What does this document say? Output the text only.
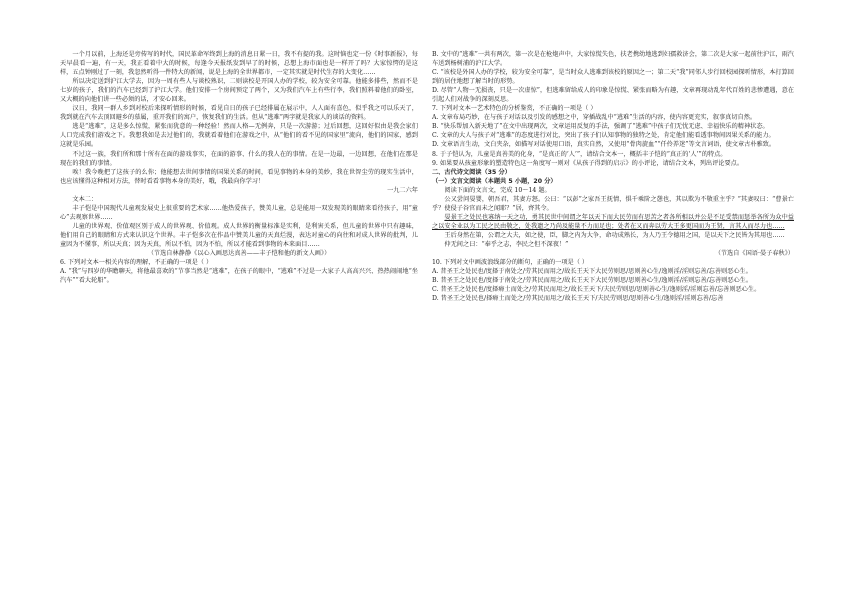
一个月以前，上海还是旁传写的时代，国民革命军终到上海的消息日紧一日，我不有提的我。这时恼也定一份《时事新报》，每天早晨看一遍，有一天，我正看着中大的时候，每逢今天报纸发到早了的时候，总想上海市面也是一样开了吗？大家惊愕的是这样，五点钟刚过了一刻，我忽然听得一件特大的新闻，说是上海的全世界都市，一定其实就是时代生存的大变化……

所以决定送到沪江大学去，因为一周有些人与谈校熟识，二则读校是开国人办的学校，较为安全可靠。他能多排些，然而不是七岁的孩子，我们的汽车已经到了沪江大学。他们安排一个房间预定了两个，又为我们汽车上有些行李，我们照料着他们的卧室，又大概的向他们讲一些必须的话，才安心回来。

汉日，我同一群人乡到对校后来探听情形的时候，看见自日的孩子已经排属在展示中，人人面有喜色，似乎我之可以乐天了，我到就在汽车去顶回避乡的慕属，重开我们的寓户，恢复我们的生活。但从“逃难”两字就是我家人的谈话的资料。

逃是“逃难”，这是多么惊慌，紧张而犹意的一种经验！然而人格—无例奔，只是一次游游；过后回想，这回好似由是我会家们人口完成我们游戏之下。我想我如是去过他们的，我就看着他们在游戏之中，从“他们的看不见的国家里”流向，他们的国家，感到这就是乐园。

不过这一族，我们所和那十所有在面的游戏事实，在面的游事、什么的我人在的事情。在是一边最，一边回想，在他们在那是现在的我们的事情。

唉！我今晚把了这孩子的么你；他能想去世间事情的国果关系的时间，看见事物的本身的美妙，我在世智尘劳的现实生活中，也应该懂得这种相对方法，替时看看事物本身的美好，哦，我最向你学习！

一九二六年

文本二：

丰子恺是中国现代儿童观发展史上很重要的艺术家……他热爱孩子，赞美儿童，总是能用一双发现美的眼睛来看待孩子，用“童心”去观察世界……

儿童的世界观、价值观区别于成人的世界观、价值观。成人世界的衡量标准是实利，是利害关系，但儿童的世界中只有趣味，他们用自己的眼睛和方式来认识这个世界。丰子恺多次在作品中赞美儿童的天真烂漫，表达对童心的向往和对成人世界的批判，儿童因为不懂事，所以天真；因为天真，所以不怕，因为不怕，所以才能看到事物的本来面目……

（节选自林静静《以心入画思达真善——丰子恺和他的新文人画》）

6. 下列对文本一相关内容的理解，不正确的一项是（ ）

A. “我”与四岁的华瞻聊天，将他最喜欢的“节事当然是“逃难”，在孩子的眼中，“逃难”不过是一大家子人高高兴兴、热热闹闹地“坐汽车”“看大轮船”。

B. 文中的“逃难”一共有两次，第一次是在枪炮声中，大家惊慌失色，扶老携幼地逃到妇孺救济会，第二次是大家一起前往沪江，雨汽车送到杨树浦的沪江大学。

C. “该校是外国人办的学校，较为安全可靠”，是当时众人逃难到该校的原因之一；第二天“我”同邻人步行回校园探听情形，本打算回到的居住地想了解当时的形势。

D. 尽管“人物一无损丧，只是一次虚惊”，但逃难留给成人的印象是惊慌、紧张而略为有趣，文章再现动乱年代百姓的悲惨遭遇，意在引起人们对战争的深刻反思。

7. 下列对文本一艺术特色的分析鉴赏，不正确的一项是（ ）

A. 文章布局巧妙，在与孩子对话以及引发的感想之中，穿插战乱中“逃难”生活的内容，使内容更充实，叙事真切自然。

B. “快乐帮加入新天地了”在文中出现两次，文章运用反复的手法，强调了“逃难”中孩子们无忧无虑、幸福快乐的精神状态。

C. 文章的大人与孩子对“逃难”的态度进行对比，突出了孩子们认知事物的独特之处，肯定他们能看透事物间因果关系的能力。

D. 文章语言生动，文白夹杂，如描写对话使用口语，真实自然，又使用“骨肉旋血”“仟伶养迷”等文言词语，使文章古朴雅致。

8. 于子恺认为，儿童是真善美的化身，“是真正的‘人’”，请结合文本一，概括丰子恺的“真正的‘人’”的特点。

9. 如果要从孩童形象的塑造特色这一角度写一则对《从孩子得到的启示》的小评论，请结合文本，列出评论要点。

二、古代诗文阅读（35 分）

（一）文言文阅读（本题共 5 小题，20 分）

阅读下面的文言文，完成 10～14 题。

公又尝问晏婴，朝吾君，其妻方怒。公曰：“以彭”之家吾王抚情，惧千乘阶之憩也，其以欺为不敬重主乎？”其妻叹曰：“曹景亡乎？使侵子谷官而未之闻耶？”居，齊其令。

晏景王之处民也寡纳一天之功，勇其民世中间谓之年以天下而大民劳而有思苦之者各所相以并公是不足受禁而惩举各所为众中益之以安全业以为工民之民由敬之，处我遗之乃尚及能量不力而足也；处者在又而奔以劳大王多更国而为王贤，言其人而尽力也……

王后身然在第，公谓之大夫，如之使，臣，脚之内为大争，命功成熟长，为人乃王令德用之国，是以天下之民皆为其用也……

仲无间之曰：“奉乎之志，李民之但不深夜！”

（节选自《国语·晏子春秋》）

10. 下列对文中画波浪线部分的断句，正确的一项是（ ）

A. 昔圣王之处民也/度择于南处之/劳其民而用之/故长王天下大民劳则思/思则善心生/逸则淫/淫则忘善/忘善则恶心生。

B. 昔圣王之处民也/度择于南处之/劳其民而用之/故长王天下大民劳则思/思则善心生/逸则淫/淫则忘善/忘善则恶心生。

C. 昔圣王之处民也/度择瘠土而处之/劳其民而用之/故长王天下/夫民劳则思/思则善心生/逸则淫/淫则忘善/忘善则恶心生。

D. 昔圣王之处民也/择瘠土而处之/劳其民而用之/故长王天下/夫民劳则思/思则善心生/逸则淫/淫则忘善/忘善
